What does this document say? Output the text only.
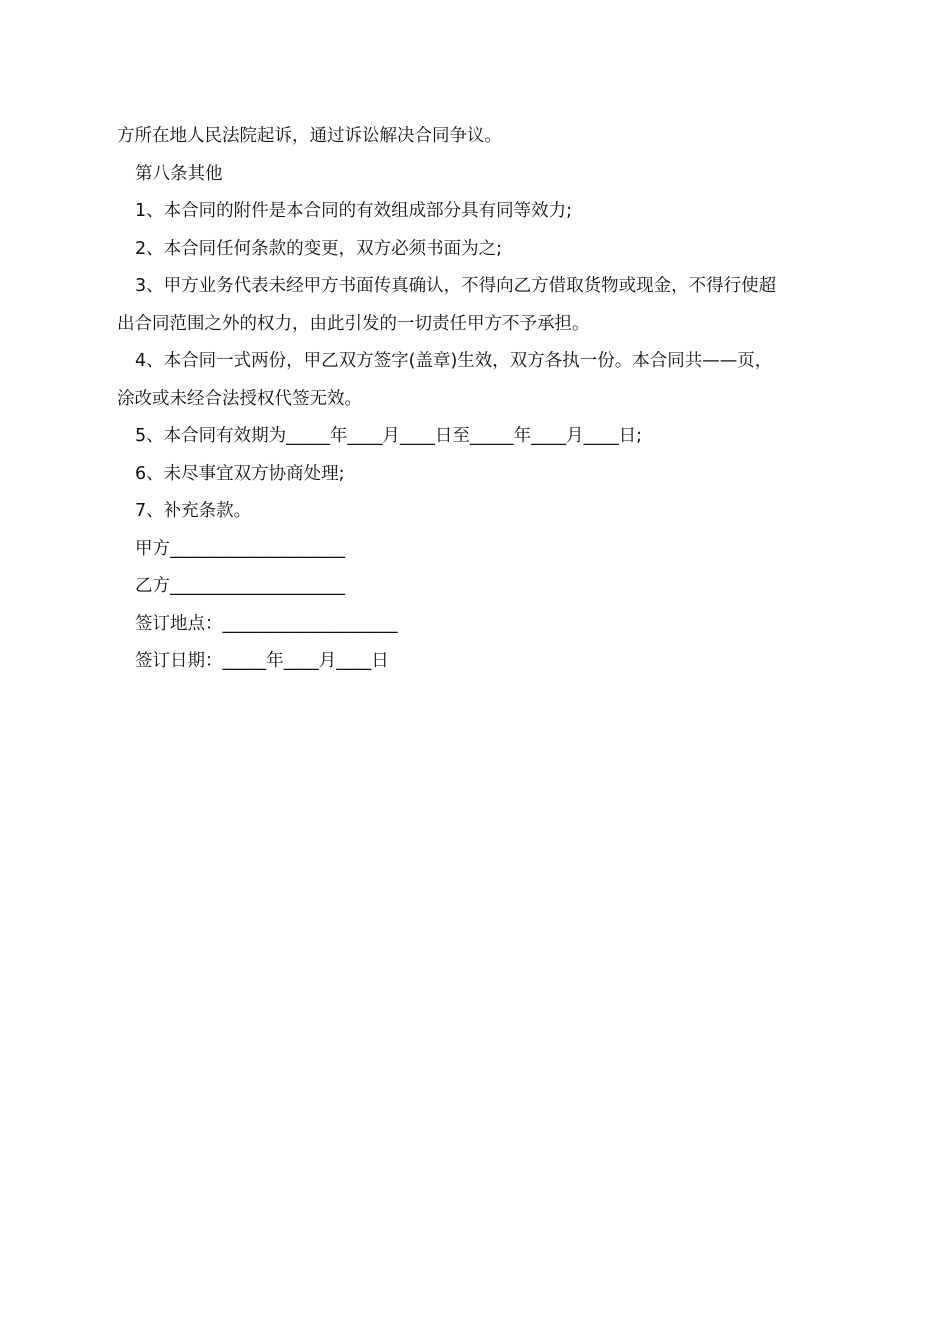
方所在地人民法院起诉，通过诉讼解决合同争议。
第八条其他
1、本合同的附件是本合同的有效组成部分具有同等效力;
2、本合同任何条款的变更，双方必须书面为之;
3、甲方业务代表未经甲方书面传真确认，不得向乙方借取货物或现金，不得行使超
出合同范围之外的权力，由此引发的一切责任甲方不予承担。
4、本合同一式两份，甲乙双方签字(盖章)生效，双方各执一份。本合同共——页，
涂改或未经合法授权代签无效。
5、本合同有效期为_____年____月____日至_____年____月____日;
6、未尽事宜双方协商处理;
7、补充条款。
甲方____________________
乙方____________________
签订地点：____________________
签订日期：_____年____月____日
